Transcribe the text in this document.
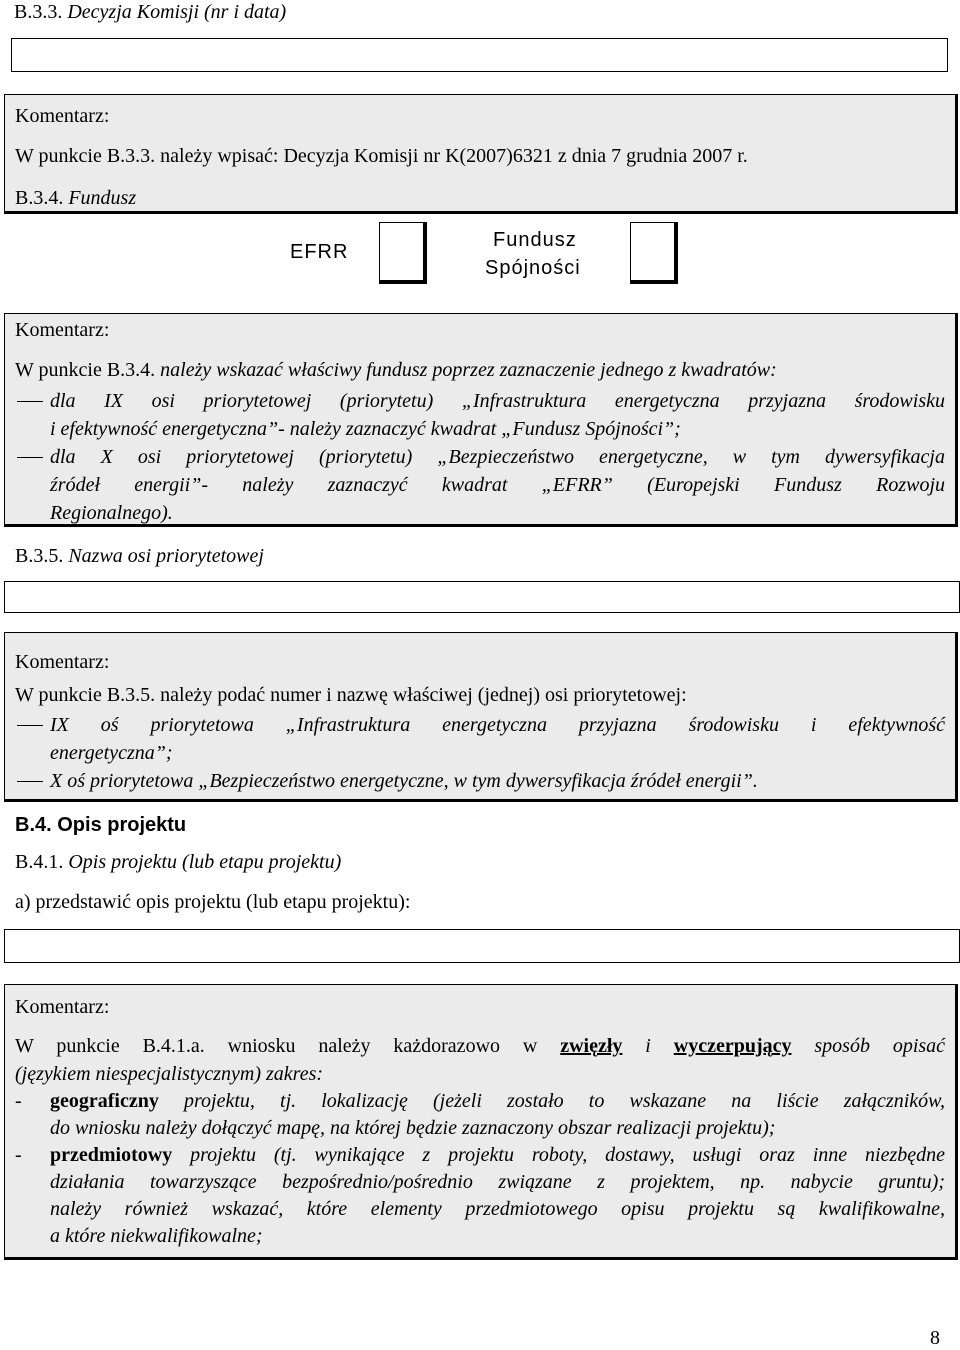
B.3.3. Decyzja Komisji (nr i data)
Komentarz:
W punkcie B.3.3. należy wpisać: Decyzja Komisji nr K(2007)6321 z dnia 7 grudnia 2007 r.
B.3.4. Fundusz
EFRR
Fundusz
Spójności
Komentarz:
W punkcie B.3.4. należy wskazać właściwy fundusz poprzez zaznaczenie jednego z kwadratów:
dla IX osi priorytetowej (priorytetu) „Infrastruktura energetyczna przyjazna środowisku
i efektywność energetyczna”- należy zaznaczyć kwadrat „Fundusz Spójności”;
dla X osi priorytetowej (priorytetu) „Bezpieczeństwo energetyczne, w tym dywersyfikacja
źródeł energii”- należy zaznaczyć kwadrat „EFRR” (Europejski Fundusz Rozwoju
Regionalnego).
B.3.5. Nazwa osi priorytetowej
Komentarz:
W punkcie B.3.5. należy podać numer i nazwę właściwej (jednej) osi priorytetowej:
IX oś priorytetowa „Infrastruktura energetyczna przyjazna środowisku i efektywność
energetyczna”;
X oś priorytetowa „Bezpieczeństwo energetyczne, w tym dywersyfikacja źródeł energii”.
B.4. Opis projektu
B.4.1. Opis projektu (lub etapu projektu)
a) przedstawić opis projektu (lub etapu projektu):
Komentarz:
W punkcie B.4.1.a. wniosku należy każdorazowo w zwięzły i wyczerpujący sposób opisać
(językiem niespecjalistycznym) zakres:
- geograficzny projektu, tj. lokalizację (jeżeli zostało to wskazane na liście załączników,
do wniosku należy dołączyć mapę, na której będzie zaznaczony obszar realizacji projektu);
- przedmiotowy projektu (tj. wynikające z projektu roboty, dostawy, usługi oraz inne niezbędne
działania towarzyszące bezpośrednio/pośrednio związane z projektem, np. nabycie gruntu);
należy również wskazać, które elementy przedmiotowego opisu projektu są kwalifikowalne,
a które niekwalifikowalne;
8
